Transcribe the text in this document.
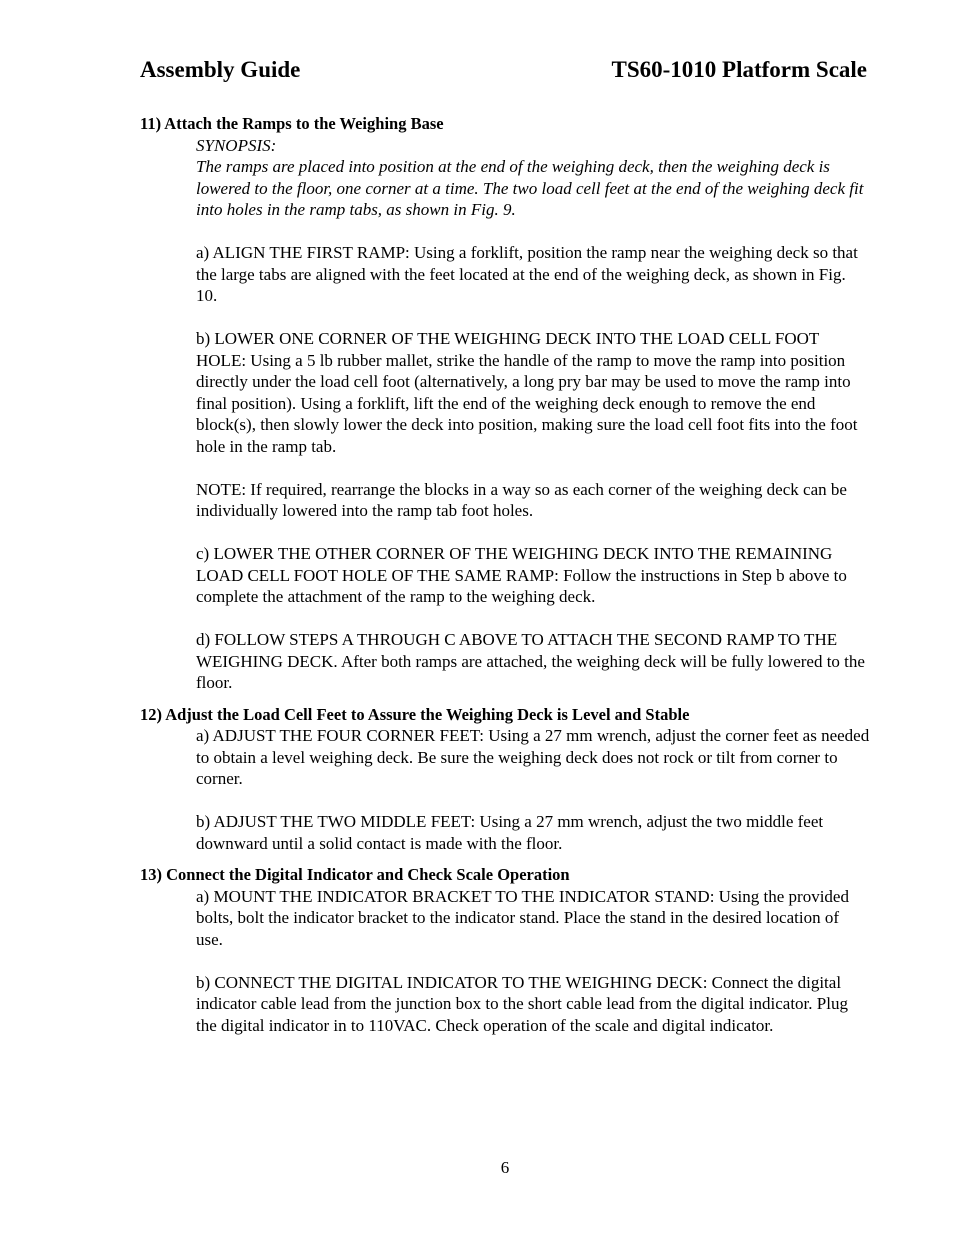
Assembly Guide	TS60-1010 Platform Scale

11) Attach the Ramps to the Weighing Base

SYNOPSIS:

The ramps are placed into position at the end of the weighing deck, then the weighing deck is lowered to the floor, one corner at a time. The two load cell feet at the end of the weighing deck fit into holes in the ramp tabs, as shown in Fig. 9.

a) ALIGN THE FIRST RAMP: Using a forklift, position the ramp near the weighing deck so that the large tabs are aligned with the feet located at the end of the weighing deck, as shown in Fig. 10.

b) LOWER ONE CORNER OF THE WEIGHING DECK INTO THE LOAD CELL FOOT HOLE: Using a 5 lb rubber mallet, strike the handle of the ramp to move the ramp into position directly under the load cell foot (alternatively, a long pry bar may be used to move the ramp into final position). Using a forklift, lift the end of the weighing deck enough to remove the end block(s), then slowly lower the deck into position, making sure the load cell foot fits into the foot hole in the ramp tab.

NOTE: If required, rearrange the blocks in a way so as each corner of the weighing deck can be individually lowered into the ramp tab foot holes.

c) LOWER THE OTHER CORNER OF THE WEIGHING DECK INTO THE REMAINING LOAD CELL FOOT HOLE OF THE SAME RAMP: Follow the instructions in Step b above to complete the attachment of the ramp to the weighing deck.

d) FOLLOW STEPS A THROUGH C ABOVE TO ATTACH THE SECOND RAMP TO THE WEIGHING DECK. After both ramps are attached, the weighing deck will be fully lowered to the floor.

12) Adjust the Load Cell Feet to Assure the Weighing Deck is Level and Stable

a) ADJUST THE FOUR CORNER FEET: Using a 27 mm wrench, adjust the corner feet as needed to obtain a level weighing deck. Be sure the weighing deck does not rock or tilt from corner to corner.

b) ADJUST THE TWO MIDDLE FEET: Using a 27 mm wrench, adjust the two middle feet downward until a solid contact is made with the floor.

13) Connect the Digital Indicator and Check Scale Operation

a) MOUNT THE INDICATOR BRACKET TO THE INDICATOR STAND: Using the provided bolts, bolt the indicator bracket to the indicator stand. Place the stand in the desired location of use.

b) CONNECT THE DIGITAL INDICATOR TO THE WEIGHING DECK: Connect the digital indicator cable lead from the junction box to the short cable lead from the digital indicator. Plug the digital indicator in to 110VAC. Check operation of the scale and digital indicator.

6
